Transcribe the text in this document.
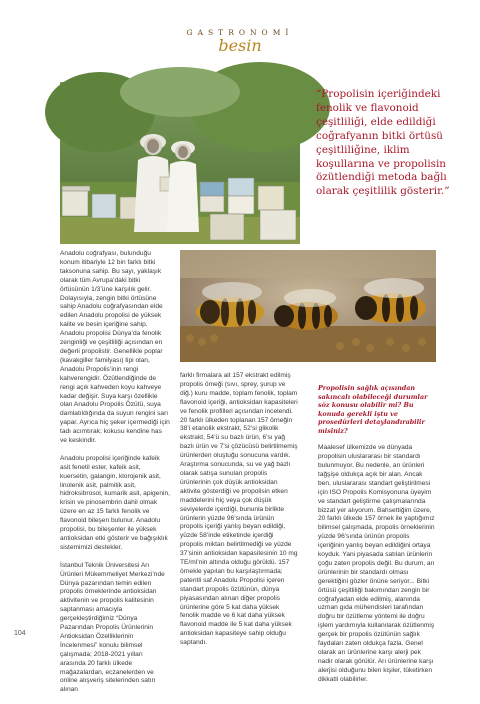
GASTRONOMİ
besin
“Propolisin içeriğindeki fenolik ve flavonoid çeşitliliği, elde edildiği coğrafyanın bitki örtüsü çeşitliliğine, iklim koşullarına ve propolisin özütlendiği metoda bağlı olarak çeşitlilik gösterir.”

Anadolu coğrafyası, bulunduğu konum itibariyle 12 bin farklı bitki taksonuna sahip. Bu sayı, yaklaşık olarak tüm Avrupa’daki bitki örtüsünün 1/3’üne karşılık gelir. Dolayısıyla, zengin bitki örtüsüne sahip Anadolu coğrafyasından elde edilen Anadolu propolisi de yüksek kalite ve besin içeriğine sahip. Anadolu propolisi Dünya’da fenolik zenginliği ve çeşitliliği açısından en değerli propolistir. Genellikle poplar (kavakgiller familyası) tipi olan, Anadolu Propolis’inin rengi kahverengidir. Özütlendiğinde de rengi açık kahveden koyu kahveye kadar değişir. Suya karşı özellikle olan Anadolu Propolis Özütü, suya damlatıldığında da suyun rengini sarı yapar. Ayrıca hiç şeker içermediği için tadı acımtırak; kokusu kendine has ve keskindir.

Anadolu propolisi içeriğinde kafeik asit fenetil ester, kafeik asit, kuersetin, galangin, klorojenik asit, linolenik asit, palmitik asit, hidroksibrosol, kumarik asit, apigenin, krisin ve pinosembrin dahil olmak üzere en az 15 farklı fenolik ve flavonoid bileşen bulunur. Anadolu propolisi, bu bileşenler ile yüksek antioksidan etki gösterir ve bağışıklık sistemimizi destekler.

İstanbul Teknik Üniversitesi Arı Ürünleri Mükemmeliyet Merkezi’nde Dünya pazarından temin edilen propolis örneklerinde antioksidan aktivitenin ve propolis kalitesinin saptanması amacıyla gerçekleştirdiğimiz “Dünya Pazarından Propolis Ürünlerinin Antioksidan Özelliklerinin İncelenmesi” konulu bilimsel çalışmada; 2018-2021 yılları arasında 20 farklı ülkede mağazalardan, eczanelerden ve online alışveriş sitelerinden satın alınan

farklı firmalara ait 157 ekstrakt edilmiş propolis ömeği (sıvı, sprey, şurup ve diğ.) kuru madde, toplam fenolik, toplam flavonoid içeriği, antioksidan kapasiteleri ve fenolik profilleri açısından incelendi. 20 farklı ülkeden toplanan 157 örneğin 38’i etanolik ekstrakt, 52’si glikolik ekstrakt, 54’ü su bazlı ürün, 6’sı yağ bazlı ürün ve 7’si çözücüsü belirtilmemiş ürünlerden oluştuğu sonucuna vardık. Araştırma sonucunda, su ve yağ bazlı olarak satışa sunulan propolis ürünlerinin çok düşük antioksidan aktivite gösterdiği ve propolisin etken maddelerini hiç veya çok düşük seviyelerde içerdiği, bununla birlikte ürünlerin yüzde 96’sında ürünün propolis içeriği yanlış beyan edildiği, yüzde 58’inde etiketinde içerdiği propolis miktarı belirtilmediği ve yüzde 37’sinin antioksidan kapasitesinin 10 mg TE/ml’nin altında olduğu görüldü. 157 örnekle yapılan bu karşılaştırmada; patentli saf Anadolu Propolisi içeren standart propolis özütünün, dünya piyasasından alınan diğer propolis ürünlerine göre 5 kat daha yüksek fenolik madde ve 6 kat daha yüksek flavonoid madde ile 5 kat daha yüksek antioksidan kapasiteye sahip olduğu saptandı.

Propolisin sağlık açısından sakıncalı olabileceği durumlar söz konusu olabilir mi? Bu konuda gerekli iştu ve prosedürleri detaylandırabilir misiniz?

Maalesef ülkemizde ve dünyada propolisin uluslararası bir standardı bulunmuyor. Bu nedenle, arı ürünleri tağşişe oldukça açık bir alan. Ancak ben, uluslararası standart geliştirilmesi için ISO Propolis Komisyonuna üyeyim ve standart geliştirme çalışmalarında bizzat yer alıyorum. Bahsettiğim üzere, 20 farklı ülkede 157 örnek ile yaptığımız bilimsel çalışmada, propolis örneklerinin yüzde 96’sında ürünün propolis içeriğinin yanlış beyan edildiğini ortaya koyduk. Yani piyasada satılan ürünlerin çoğu zaten propolis değil. Bu durum, arı ürünlerinin bir standardı olması gerektiğini gözler önüne seriyor... Bitki örtüsü çeşitliliği bakımından zengin bir coğrafyadan elde edilmiş, alanında uzman gıda mühendisleri tarafından doğru bir özütleme yöntemi ile doğru işlem yardımıyla kullanılarak özütlenmiş gerçek bir propolis özütünün sağlık faydaları zaten oldukça fazla. Genel olarak arı ürünlerine karşı alerji pek nadir olarak görülür. Arı ürünlerine karşı alerjisi olduğunu bilen kişiler, tüketirken dikkatli olabilirler.

104
